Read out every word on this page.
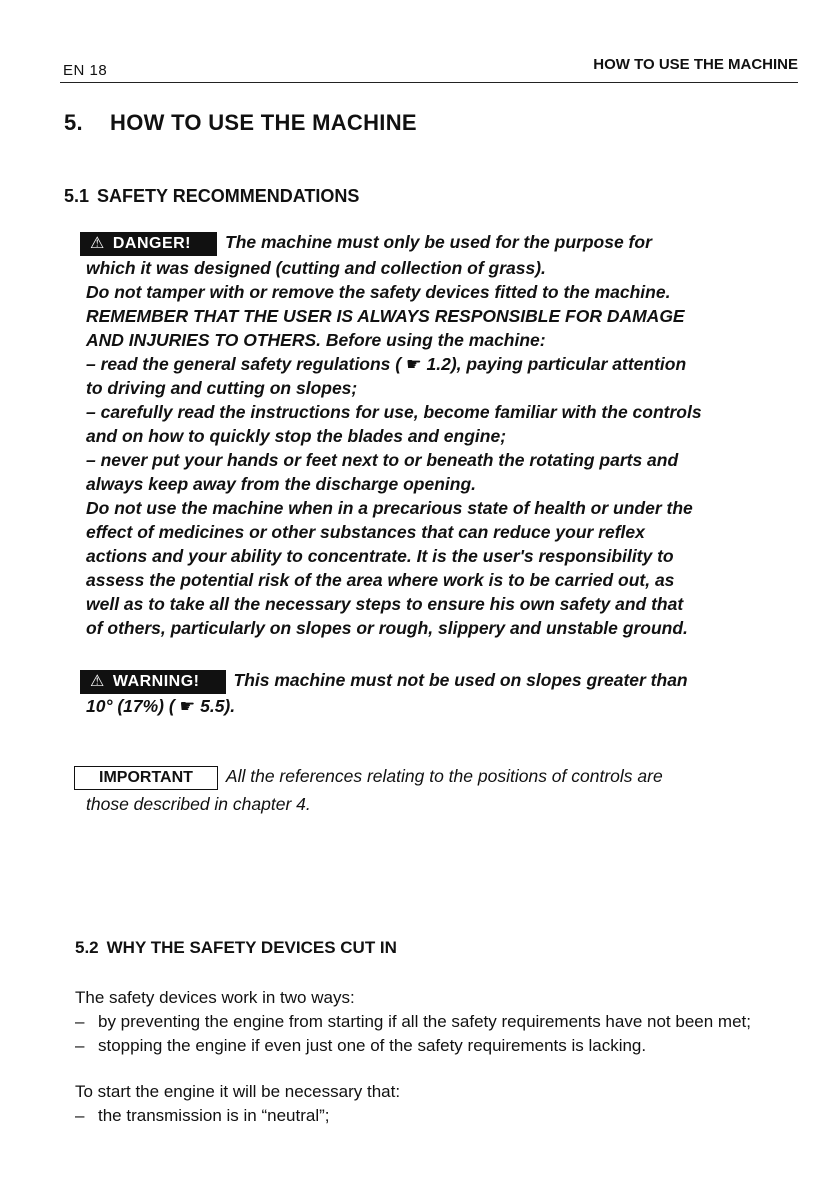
EN 18	HOW TO USE THE MACHINE
5. HOW TO USE THE MACHINE
5.1 SAFETY RECOMMENDATIONS
⚠ DANGER! The machine must only be used for the purpose for
which it was designed (cutting and collection of grass).
Do not tamper with or remove the safety devices fitted to the machine.
REMEMBER THAT THE USER IS ALWAYS RESPONSIBLE FOR DAMAGE
AND INJURIES TO OTHERS. Before using the machine:
– read the general safety regulations ( ☛ 1.2), paying particular attention
to driving and cutting on slopes;
– carefully read the instructions for use, become familiar with the controls
and on how to quickly stop the blades and engine;
– never put your hands or feet next to or beneath the rotating parts and
always keep away from the discharge opening.
Do not use the machine when in a precarious state of health or under the
effect of medicines or other substances that can reduce your reflex
actions and your ability to concentrate. It is the user's responsibility to
assess the potential risk of the area where work is to be carried out, as
well as to take all the necessary steps to ensure his own safety and that
of others, particularly on slopes or rough, slippery and unstable ground.
⚠ WARNING! This machine must not be used on slopes greater than
10° (17%) ( ☛ 5.5).
IMPORTANT All the references relating to the positions of controls are
those described in chapter 4.
5.2 WHY THE SAFETY DEVICES CUT IN
The safety devices work in two ways:
– by preventing the engine from starting if all the safety requirements have not been met;
– stopping the engine if even just one of the safety requirements is lacking.
To start the engine it will be necessary that:
– the transmission is in “neutral”;
